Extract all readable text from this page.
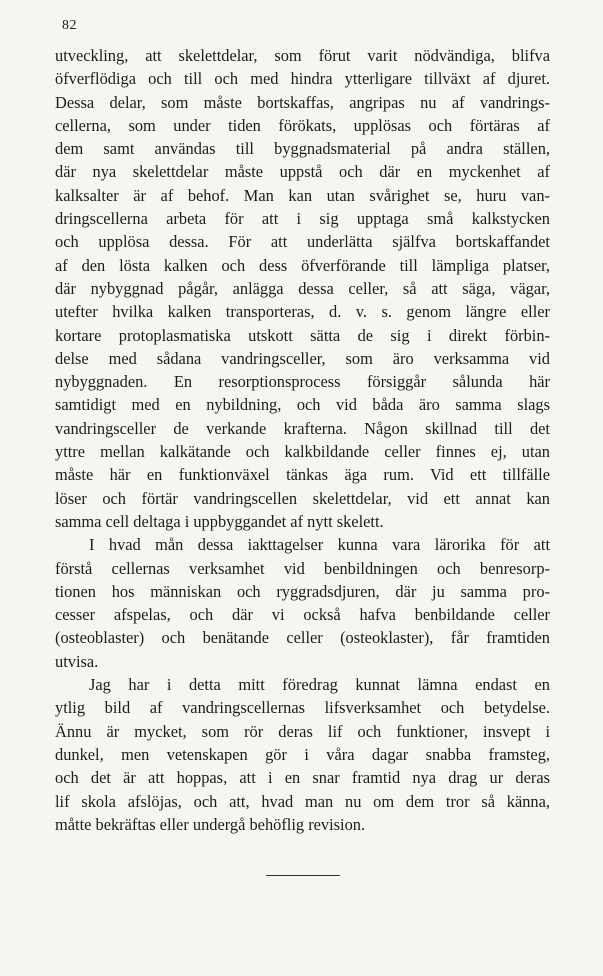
82
utveckling, att skelettdelar, som förut varit nödvändiga, blifva
öfverflödiga och till och med hindra ytterligare tillväxt af djuret.
Dessa delar, som måste bortskaffas, angripas nu af vandrings-
cellerna, som under tiden förökats, upplösas och förtäras af
dem samt användas till byggnadsmaterial på andra ställen,
där nya skelettdelar måste uppstå och där en myckenhet af
kalksalter är af behof. Man kan utan svårighet se, huru van-
dringscellerna arbeta för att i sig upptaga små kalkstycken
och upplösa dessa. För att underlätta själfva bortskaffandet
af den lösta kalken och dess öfverförande till lämpliga platser,
där nybyggnad pågår, anlägga dessa celler, så att säga, vägar,
utefter hvilka kalken transporteras, d. v. s. genom längre eller
kortare protoplasmatiska utskott sätta de sig i direkt förbin-
delse med sådana vandringsceller, som äro verksamma vid
nybyggnaden. En resorptionsprocess försiggår sålunda här
samtidigt med en nybildning, och vid båda äro samma slags
vandringsceller de verkande krafterna. Någon skillnad till det
yttre mellan kalkätande och kalkbildande celler finnes ej, utan
måste här en funktionväxel tänkas äga rum. Vid ett tillfälle
löser och förtär vandringscellen skelettdelar, vid ett annat kan
samma cell deltaga i uppbyggandet af nytt skelett.
I hvad mån dessa iakttagelser kunna vara lärorika för att
förstå cellernas verksamhet vid benbildningen och benresorp-
tionen hos människan och ryggradsdjuren, där ju samma pro-
cesser afspelas, och där vi också hafva benbildande celler
(osteoblaster) och benätande celler (osteoklaster), får framtiden
utvisa.
Jag har i detta mitt föredrag kunnat lämna endast en
ytlig bild af vandringscellernas lifsverksamhet och betydelse.
Ännu är mycket, som rör deras lif och funktioner, insvept i
dunkel, men vetenskapen gör i våra dagar snabba framsteg,
och det är att hoppas, att i en snar framtid nya drag ur deras
lif skola afslöjas, och att, hvad man nu om dem tror så känna,
måtte bekräftas eller undergå behöflig revision.
